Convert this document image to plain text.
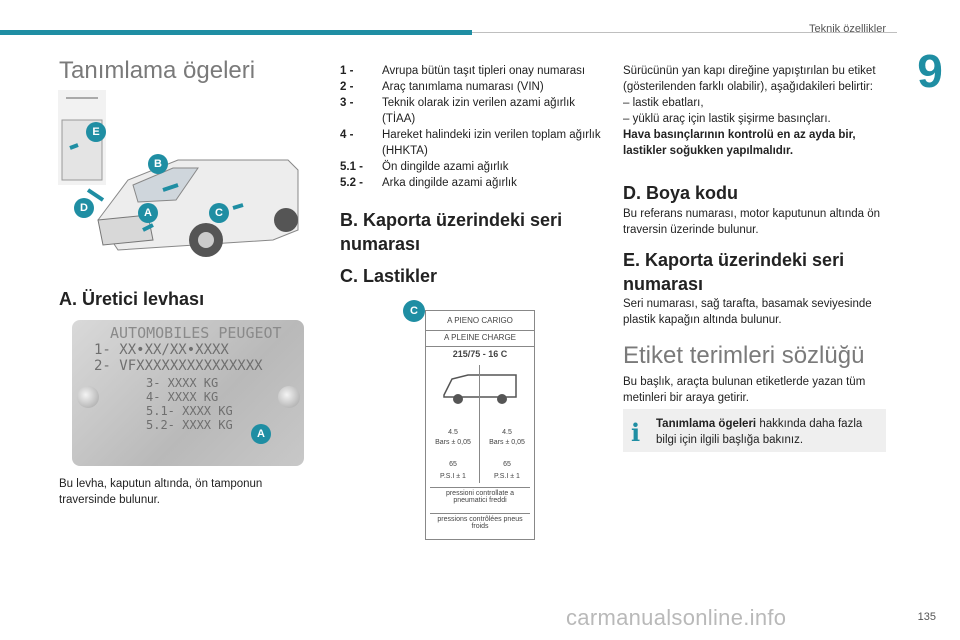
Teknik özellikler
9
Tanımlama ögeleri
E
B
D	A	C
A. Üretici levhası
AUTOMOBILES PEUGEOT
1- XX•XX/XX•XXXX
2- VFXXXXXXXXXXXXXXX
3- XXXX KG
4- XXXX KG
5.1- XXXX KG
5.2- XXXX KG
A
Bu levha, kaputun altında, ön tamponun traversinde bulunur.
1 -	Avrupa bütün taşıt tipleri onay numarası
2 -	Araç tanımlama numarası (VIN)
3 -	Teknik olarak izin verilen azami ağırlık (TİAA)
4 -	Hareket halindeki izin verilen toplam ağırlık (HHKTA)
5.1 -	Ön dingilde azami ağırlık
5.2 -	Arka dingilde azami ağırlık
B. Kaporta üzerindeki seri numarası
C. Lastikler
C
A PIENO CARIGO
A PLEINE CHARGE
215/75 - 16 C
4.5	4.5
Bars ± 0,05	Bars ± 0,05
65	65
P.S.I ± 1	P.S.I ± 1
pressioni controllate a pneumatici freddi
pressions contrôlées pneus froids
Sürücünün yan kapı direğine yapıştırılan bu etiket (gösterilenden farklı olabilir), aşağıdakileri belirtir:
– lastik ebatları,
– yüklü araç için lastik şişirme basınçları.
Hava basınçlarının kontrolü en az ayda bir, lastikler soğukken yapılmalıdır.
D. Boya kodu
Bu referans numarası, motor kaputunun altında ön traversin üzerinde bulunur.
E. Kaporta üzerindeki seri numarası
Seri numarası, sağ tarafta, basamak seviyesinde plastik kapağın altında bulunur.
Etiket terimleri sözlüğü
Bu başlık, araçta bulunan etiketlerde yazan tüm metinleri bir araya getirir.
i Tanımlama ögeleri hakkında daha fazla bilgi için ilgili başlığa bakınız.
carmanualsonline.info	135
